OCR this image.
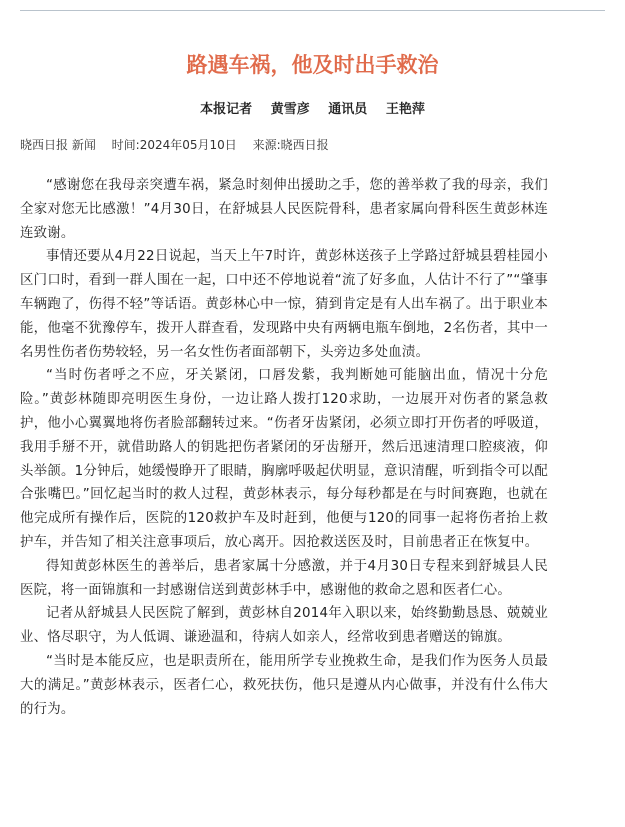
路遇车祸，他及时出手救治
本报记者 黄雪彦 通讯员 王艳萍
晓西日报 新闻 时间:2024年05月10日 来源:晓西日报

“感谢您在我母亲突遭车祸，紧急时刻伸出援助之手，您的善举救了我的母亲，我们全家对您无比感激！”4月30日，在舒城县人民医院骨科，患者家属向骨科医生黄彭林连连致谢。

事情还要从4月22日说起，当天上午7时许，黄彭林送孩子上学路过舒城县碧桂园小区门口时，看到一群人围在一起，口中还不停地说着“流了好多血，人估计不行了”“肇事车辆跑了，伤得不轻”等话语。黄彭林心中一惊，猜到肯定是有人出车祸了。出于职业本能，他毫不犹豫停车，拨开人群查看，发现路中央有两辆电瓶车倒地，2名伤者，其中一名男性伤者伤势较轻，另一名女性伤者面部朝下，头旁边多处血渍。

“当时伤者呼之不应，牙关紧闭，口唇发紫，我判断她可能脑出血，情况十分危险。”黄彭林随即亮明医生身份，一边让路人拨打120求助，一边展开对伤者的紧急救护，他小心翼翼地将伤者脸部翻转过来。“伤者牙齿紧闭，必须立即打开伤者的呼吸道，我用手掰不开，就借助路人的钥匙把伤者紧闭的牙齿掰开，然后迅速清理口腔痰液，仰头举颌。1分钟后，她缓慢睁开了眼睛，胸廓呼吸起伏明显，意识清醒，听到指令可以配合张嘴巴。”回忆起当时的救人过程，黄彭林表示，每分每秒都是在与时间赛跑，也就在他完成所有操作后，医院的120救护车及时赶到，他便与120的同事一起将伤者抬上救护车，并告知了相关注意事项后，放心离开。因抢救送医及时，目前患者正在恢复中。

得知黄彭林医生的善举后，患者家属十分感激，并于4月30日专程来到舒城县人民医院，将一面锦旗和一封感谢信送到黄彭林手中，感谢他的救命之恩和医者仁心。

记者从舒城县人民医院了解到，黄彭林自2014年入职以来，始终勤勤恳恳、兢兢业业、恪尽职守，为人低调、谦逊温和，待病人如亲人，经常收到患者赠送的锦旗。

“当时是本能反应，也是职责所在，能用所学专业挽救生命，是我们作为医务人员最大的满足。”黄彭林表示，医者仁心，救死扶伤，他只是遵从内心做事，并没有什么伟大的行为。
